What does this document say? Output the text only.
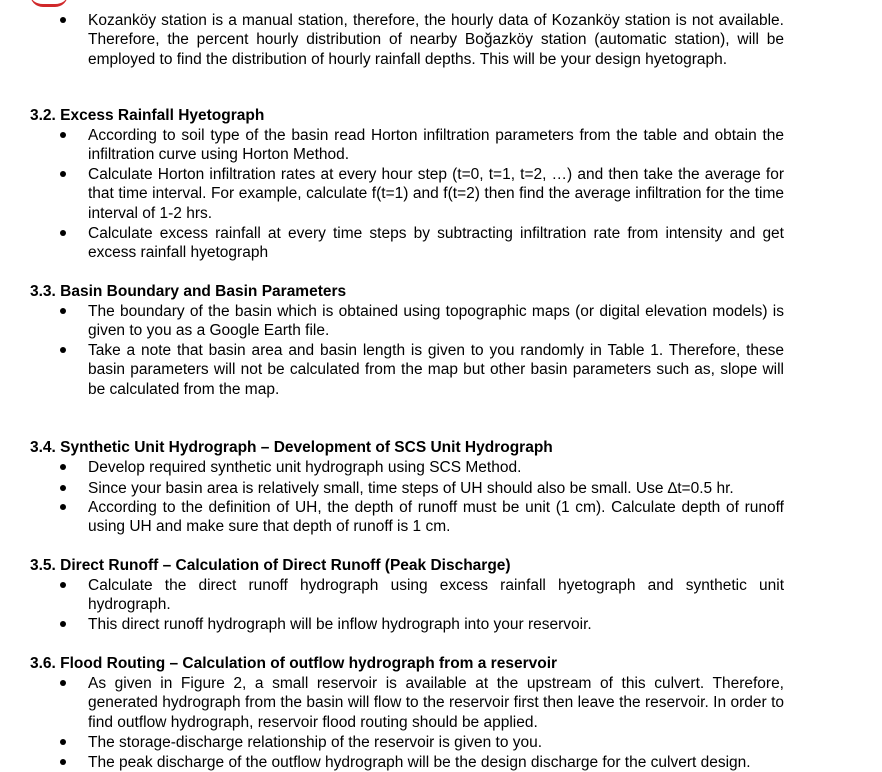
Kozanköy station is a manual station, therefore, the hourly data of Kozanköy station is not available. Therefore, the percent hourly distribution of nearby Boğazköy station (automatic station), will be employed to find the distribution of hourly rainfall depths. This will be your design hyetograph.
3.2. Excess Rainfall Hyetograph
According to soil type of the basin read Horton infiltration parameters from the table and obtain the infiltration curve using Horton Method.
Calculate Horton infiltration rates at every hour step (t=0, t=1, t=2, …) and then take the average for that time interval. For example, calculate f(t=1) and f(t=2) then find the average infiltration for the time interval of 1-2 hrs.
Calculate excess rainfall at every time steps by subtracting infiltration rate from intensity and get excess rainfall hyetograph
3.3. Basin Boundary and Basin Parameters
The boundary of the basin which is obtained using topographic maps (or digital elevation models) is given to you as a Google Earth file.
Take a note that basin area and basin length is given to you randomly in Table 1. Therefore, these basin parameters will not be calculated from the map but other basin parameters such as, slope will be calculated from the map.
3.4. Synthetic Unit Hydrograph – Development of SCS Unit Hydrograph
Develop required synthetic unit hydrograph using SCS Method.
Since your basin area is relatively small, time steps of UH should also be small. Use ∆t=0.5 hr.
According to the definition of UH, the depth of runoff must be unit (1 cm). Calculate depth of runoff using UH and make sure that depth of runoff is 1 cm.
3.5. Direct Runoff – Calculation of Direct Runoff (Peak Discharge)
Calculate the direct runoff hydrograph using excess rainfall hyetograph and synthetic unit hydrograph.
This direct runoff hydrograph will be inflow hydrograph into your reservoir.
3.6. Flood Routing – Calculation of outflow hydrograph from a reservoir
As given in Figure 2, a small reservoir is available at the upstream of this culvert. Therefore, generated hydrograph from the basin will flow to the reservoir first then leave the reservoir. In order to find outflow hydrograph, reservoir flood routing should be applied.
The storage-discharge relationship of the reservoir is given to you.
The peak discharge of the outflow hydrograph will be the design discharge for the culvert design.
